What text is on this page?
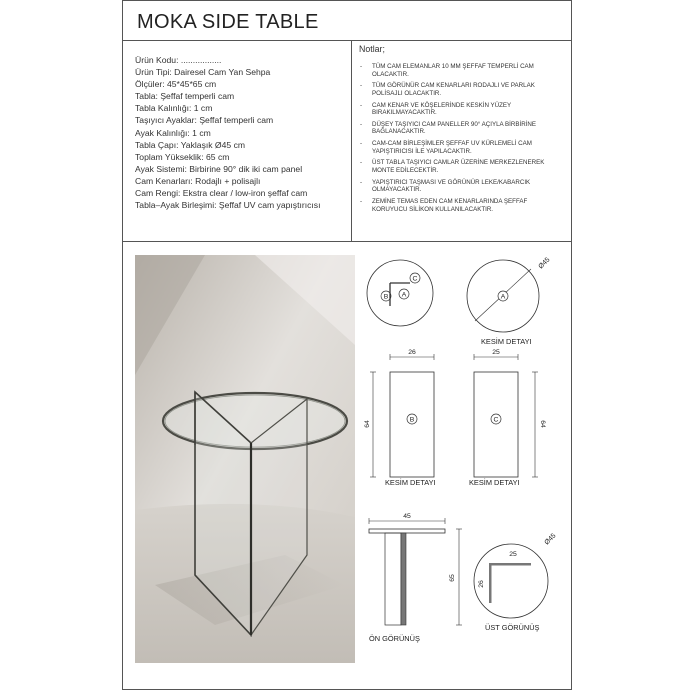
MOKA SIDE TABLE
Ürün Kodu: .................
Ürün Tipi: Dairesel Cam Yan Sehpa
Ölçüler: 45*45*65 cm
Tabla: Şeffaf temperli cam
Tabla Kalınlığı: 1 cm
Taşıyıcı Ayaklar: Şeffaf temperli cam
Ayak Kalınlığı: 1 cm
Tabla Çapı: Yaklaşık Ø45 cm
Toplam Yükseklik: 65 cm
Ayak Sistemi: Birbirine 90° dik iki cam panel
Cam Kenarları: Rodajlı + polisajlı
Cam Rengi: Ekstra clear / low-iron şeffaf cam
Tabla–Ayak Birleşimi: Şeffaf UV cam yapıştırıcısı
Notlar;
- TÜM CAM ELEMANLAR 10 MM ŞEFFAF TEMPERLİ CAM OLACAKTIR.
- TÜM GÖRÜNÜR CAM KENARLARI RODAJLI VE PARLAK POLİSAJLI OLACAKTIR.
- CAM KENAR VE KÖŞELERİNDE KESKİN YÜZEY BIRAKILMAYACAKTIR.
- DÜŞEY TAŞIYICI CAM PANELLER 90° AÇIYLA BİRBİRİNE BAĞLANACAKTIR.
- CAM-CAM BİRLEŞİMLER ŞEFFAF UV KÜRLEMELİ CAM YAPIŞTIRICISI İLE YAPILACAKTIR.
- ÜST TABLA TAŞIYICI CAMLAR ÜZERİNE MERKEZLENEREK MONTE EDİLECEKTİR.
- YAPIŞTIRICI TAŞMASI VE GÖRÜNÜR LEKE/KABARCIK OLMAYACAKTIR.
- ZEMİNE TEMAS EDEN CAM KENARLARINDA ŞEFFAF KORUYUCU SİLİKON KULLANILACAKTIR.
C
B A	A
Ø45
26
64
B
25
64
C
45
65
25
26
Ø45
KESİM DETAYI
KESİM DETAYI	KESİM DETAYI
ÖN GÖRÜNÜŞ
ÜST GÖRÜNÜŞ
